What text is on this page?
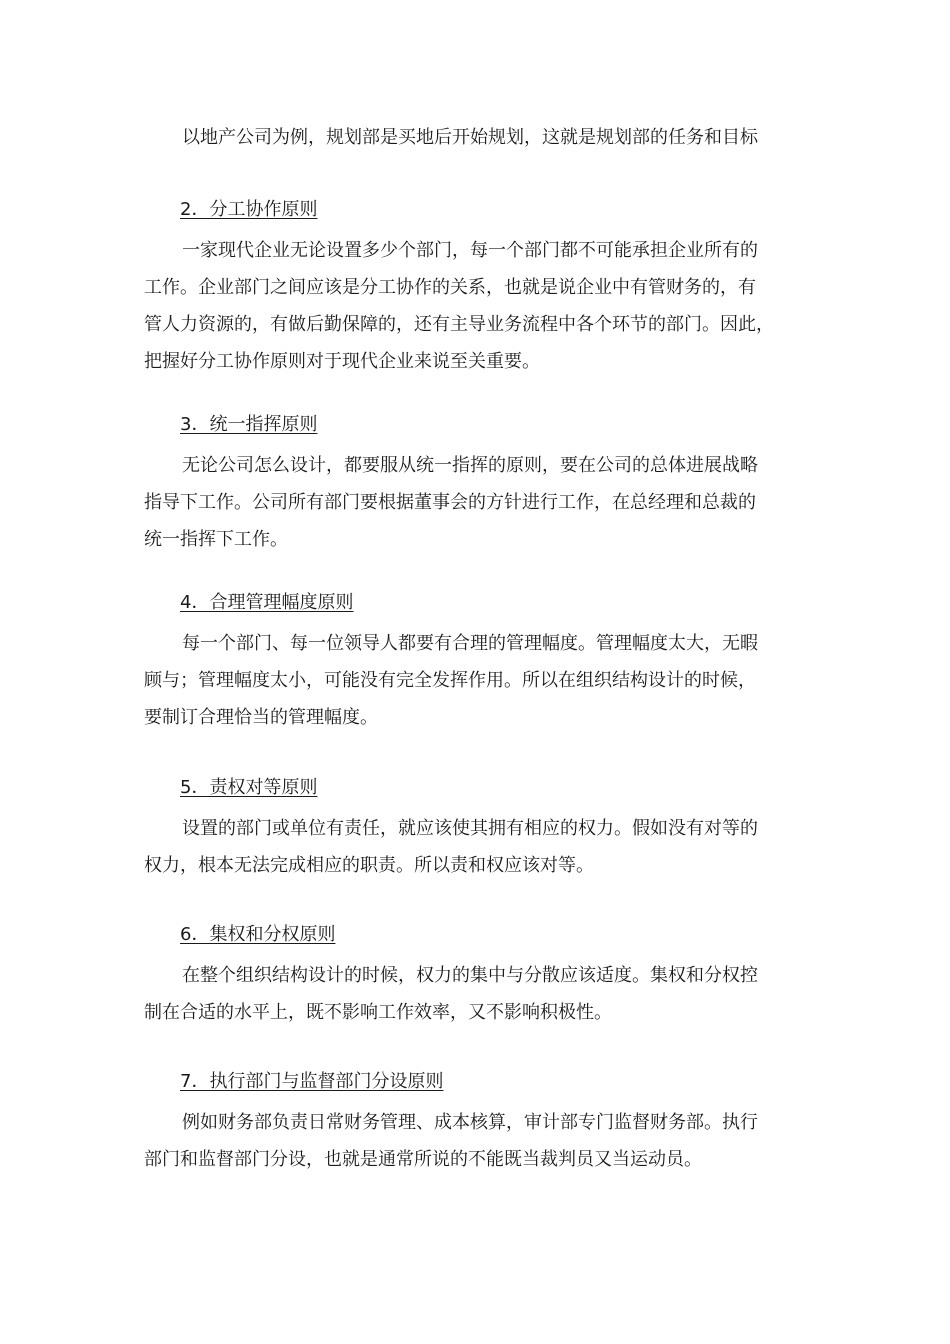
以地产公司为例，规划部是买地后开始规划，这就是规划部的任务和目标
2．分工协作原则
一家现代企业无论设置多少个部门，每一个部门都不可能承担企业所有的
工作。企业部门之间应该是分工协作的关系，也就是说企业中有管财务的，有
管人力资源的，有做后勤保障的，还有主导业务流程中各个环节的部门。因此，
把握好分工协作原则对于现代企业来说至关重要。
3．统一指挥原则
无论公司怎么设计，都要服从统一指挥的原则，要在公司的总体进展战略
指导下工作。公司所有部门要根据董事会的方针进行工作，在总经理和总裁的
统一指挥下工作。
4．合理管理幅度原则
每一个部门、每一位领导人都要有合理的管理幅度。管理幅度太大，无暇
顾与；管理幅度太小，可能没有完全发挥作用。所以在组织结构设计的时候，
要制订合理恰当的管理幅度。
5．责权对等原则
设置的部门或单位有责任，就应该使其拥有相应的权力。假如没有对等的
权力，根本无法完成相应的职责。所以责和权应该对等。
6．集权和分权原则
在整个组织结构设计的时候，权力的集中与分散应该适度。集权和分权控
制在合适的水平上，既不影响工作效率，又不影响积极性。
7．执行部门与监督部门分设原则
例如财务部负责日常财务管理、成本核算，审计部专门监督财务部。执行
部门和监督部门分设，也就是通常所说的不能既当裁判员又当运动员。
